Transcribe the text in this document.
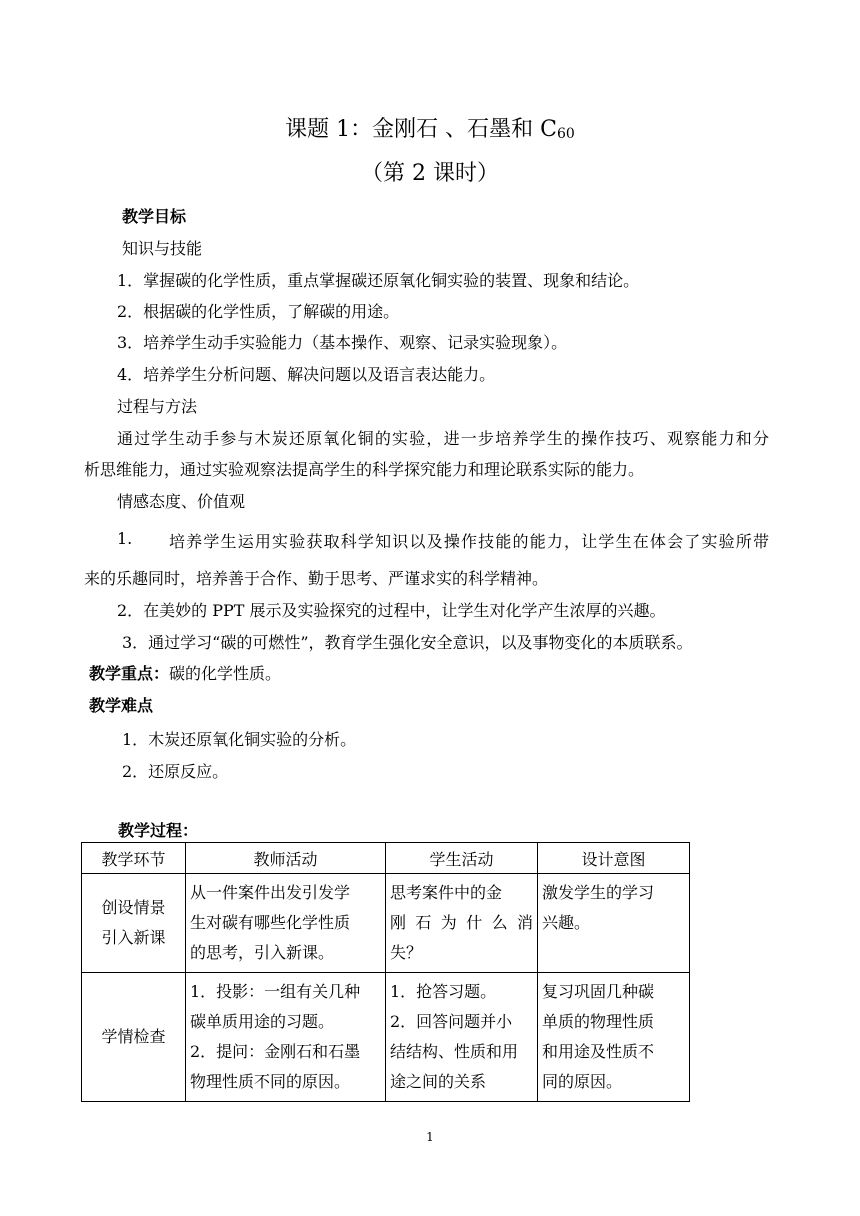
课题 1：金刚石 、石墨和 $C_{60}$
（第 2 课时）
教学目标
知识与技能
1．掌握碳的化学性质，重点掌握碳还原氧化铜实验的装置、现象和结论。
2．根据碳的化学性质，了解碳的用途。
3．培养学生动手实验能力（基本操作、观察、记录实验现象）。
4．培养学生分析问题、解决问题以及语言表达能力。
过程与方法
通过学生动手参与木炭还原氧化铜的实验，进一步培养学生的操作技巧、观察能力和分
析思维能力，通过实验观察法提高学生的科学探究能力和理论联系实际的能力。
情感态度、价值观
1. 培养学生运用实验获取科学知识以及操作技能的能力，让学生在体会了实验所带
来的乐趣同时，培养善于合作、勤于思考、严谨求实的科学精神。
2．在美妙的 PPT 展示及实验探究的过程中，让学生对化学产生浓厚的兴趣。
3．通过学习“碳的可燃性”，教育学生强化安全意识，以及事物变化的本质联系。
教学重点：碳的化学性质。
教学难点
1．木炭还原氧化铜实验的分析。
2．还原反应。
教学过程：
教学环节	教师活动	学生活动	设计意图

创设情景
引入新课	从一件案件出发引发学
生对碳有哪些化学性质
的思考，引入新课。	思考案件中的金
刚 石 为 什 么 消
失？	激发学生的学习
兴趣。

学情检查	1．投影：一组有关几种
碳单质用途的习题。
2．提问：金刚石和石墨
物理性质不同的原因。	1．抢答习题。
2．回答问题并小
结结构、性质和用
途之间的关系	复习巩固几种碳
单质的物理性质
和用途及性质不
同的原因。
1
